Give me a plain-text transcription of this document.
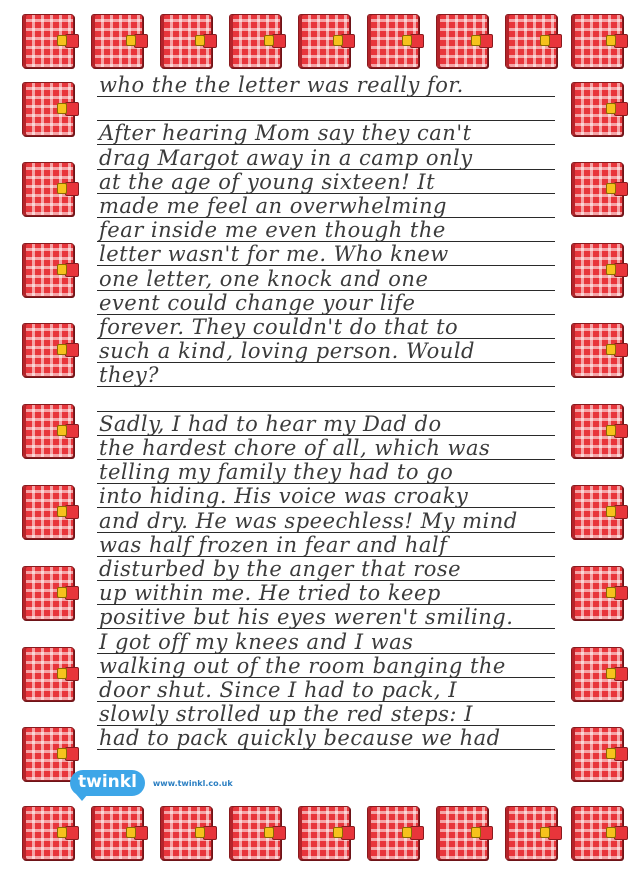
who the the letter was really for.
After hearing Mom say they can't
drag Margot away in a camp only
at the age of young sixteen! It
made me feel an overwhelming
fear inside me even though the
letter wasn't for me. Who knew
one letter, one knock and one
event could change your life
forever. They couldn't do that to
such a kind, loving person. Would
they?
Sadly, I had to hear my Dad do
the hardest chore of all, which was
telling my family they had to go
into hiding. His voice was croaky
and dry. He was speechless! My mind
was half frozen in fear and half
disturbed by the anger that rose
up within me. He tried to keep
positive but his eyes weren't smiling.
I got off my knees and I was
walking out of the room banging the
door shut. Since I had to pack, I
slowly strolled up the red steps: I
had to pack quickly because we had
twinkl	www.twinkl.co.uk
